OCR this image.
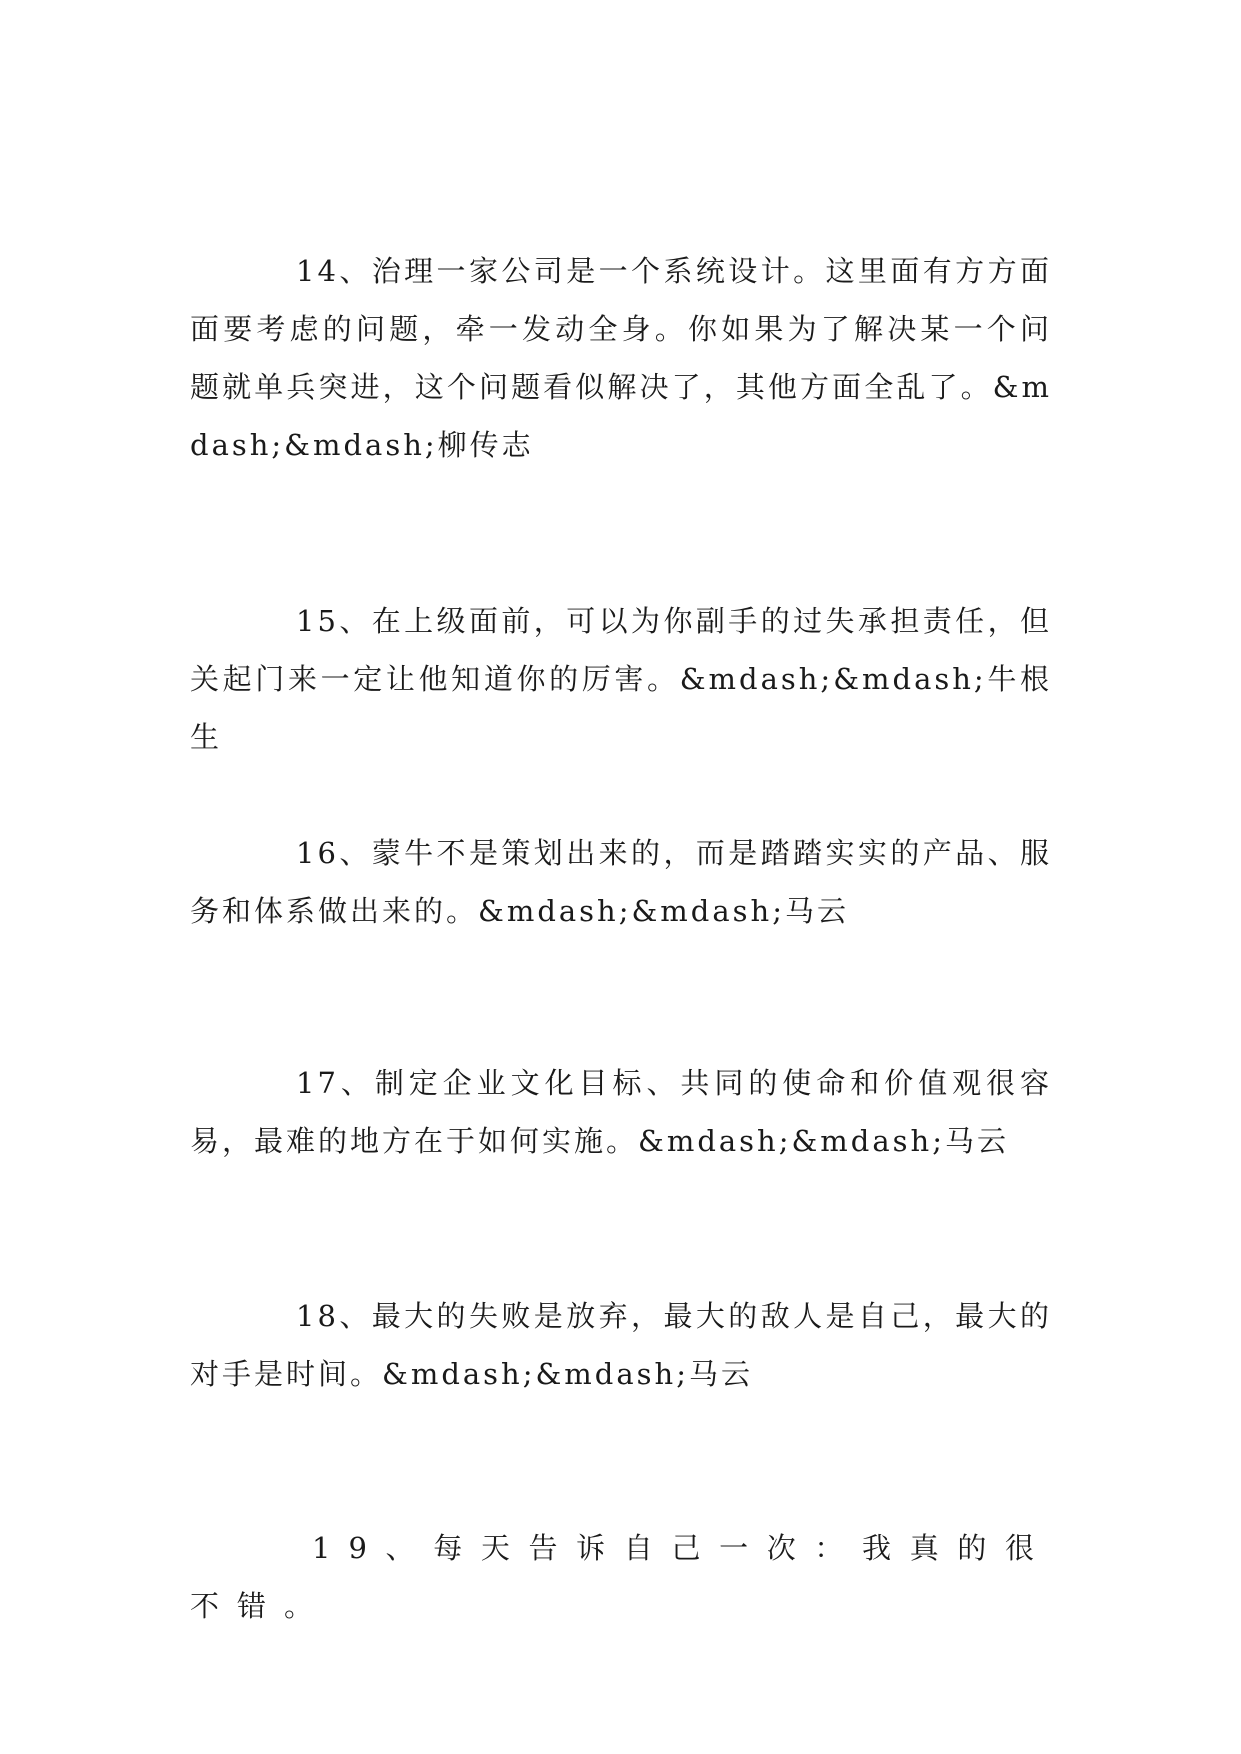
14、治理一家公司是一个系统设计。这里面有方方面面要考虑的问题，牵一发动全身。你如果为了解决某一个问题就单兵突进，这个问题看似解决了，其他方面全乱了。&mdash;&mdash;柳传志

15、在上级面前，可以为你副手的过失承担责任，但关起门来一定让他知道你的厉害。&mdash;&mdash;牛根生

16、蒙牛不是策划出来的，而是踏踏实实的产品、服务和体系做出来的。&mdash;&mdash;马云

17、制定企业文化目标、共同的使命和价值观很容易，最难的地方在于如何实施。&mdash;&mdash;马云

18、最大的失败是放弃，最大的敌人是自己，最大的对手是时间。&mdash;&mdash;马云

19、每天告诉自己一次：我真的很不错。
